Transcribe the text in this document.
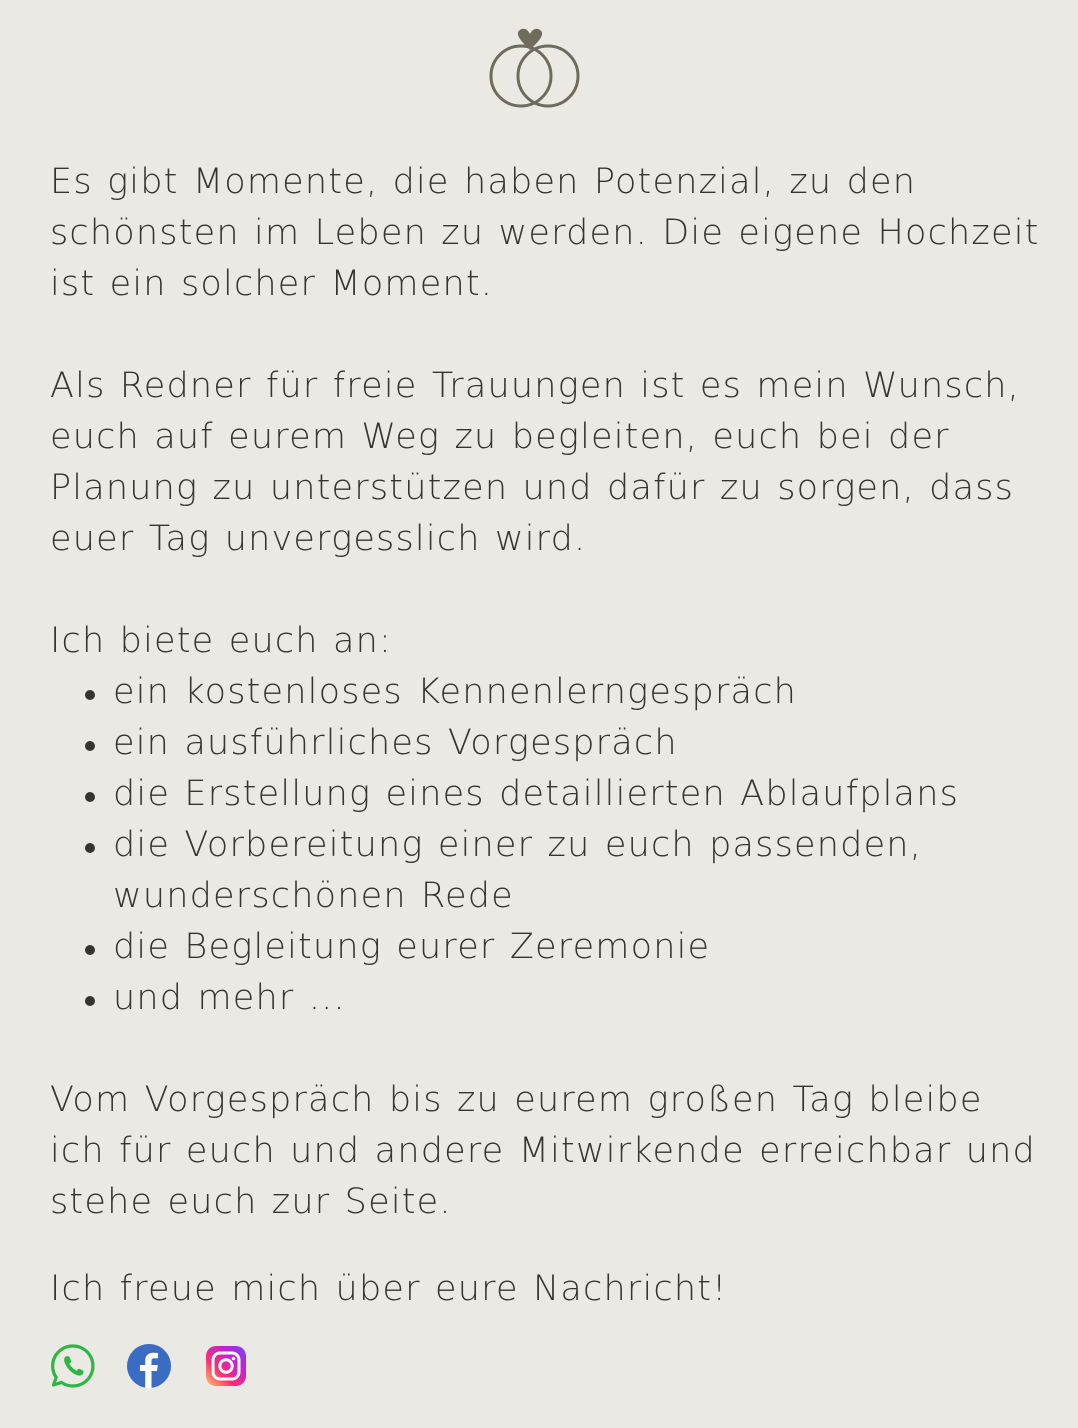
Es gibt Momente, die haben Potenzial, zu den schönsten im Leben zu werden. Die eigene Hochzeit ist ein solcher Moment.
Als Redner für freie Trauungen ist es mein Wunsch, euch auf eurem Weg zu begleiten, euch bei der Planung zu unterstützen und dafür zu sorgen, dass euer Tag unvergesslich wird.
Ich biete euch an:
ein kostenloses Kennenlerngespräch
ein ausführliches Vorgespräch
die Erstellung eines detaillierten Ablaufplans
die Vorbereitung einer zu euch passenden, wunderschönen Rede
die Begleitung eurer Zeremonie
und mehr ...
Vom Vorgespräch bis zu eurem großen Tag bleibe ich für euch und andere Mitwirkende erreichbar und stehe euch zur Seite.
Ich freue mich über eure Nachricht!
